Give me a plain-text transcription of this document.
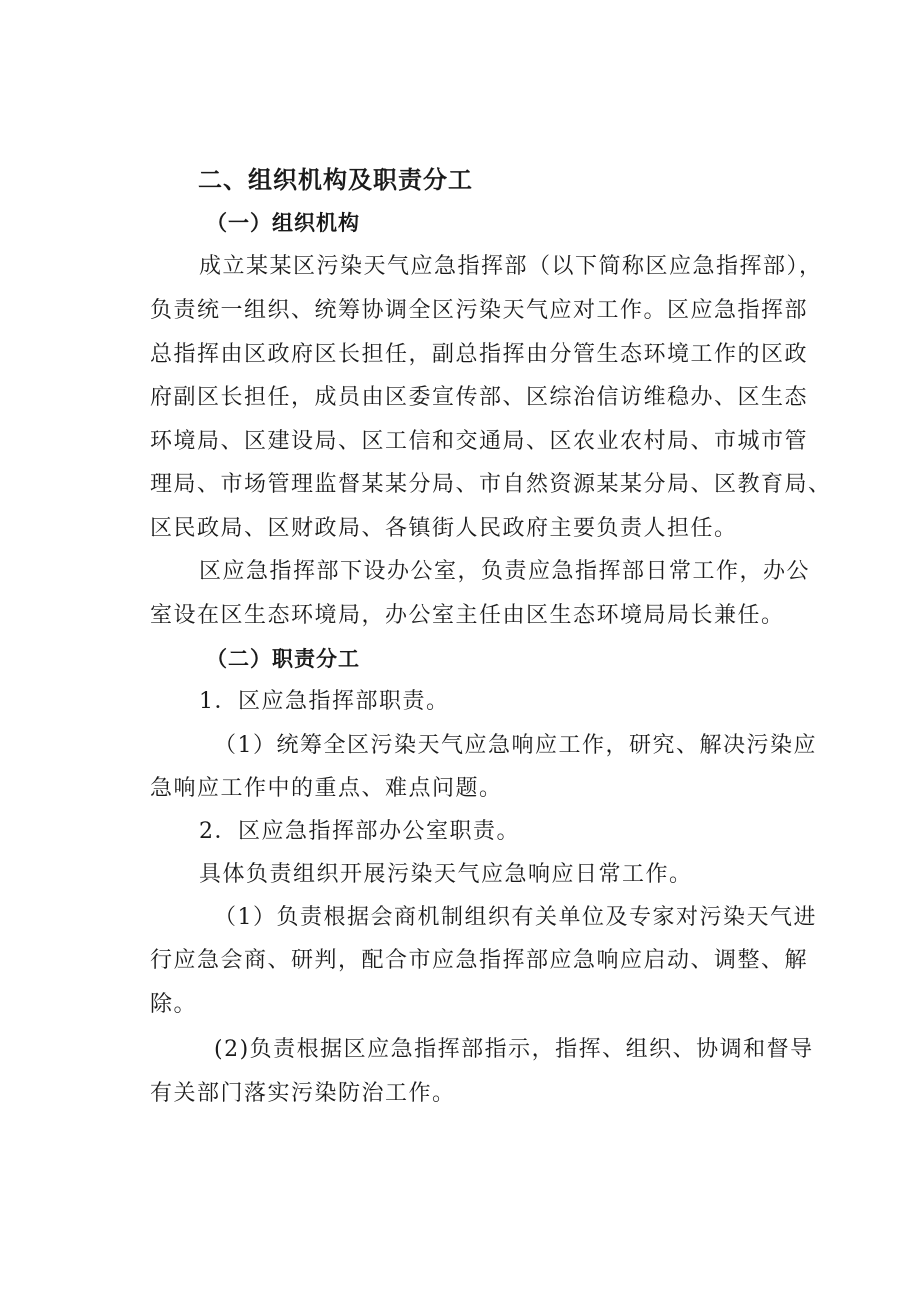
二、组织机构及职责分工
（一）组织机构
成立某某区污染天气应急指挥部（以下简称区应急指挥部），
负责统一组织、统筹协调全区污染天气应对工作。区应急指挥部
总指挥由区政府区长担任，副总指挥由分管生态环境工作的区政
府副区长担任，成员由区委宣传部、区综治信访维稳办、区生态
环境局、区建设局、区工信和交通局、区农业农村局、市城市管
理局、市场管理监督某某分局、市自然资源某某分局、区教育局、
区民政局、区财政局、各镇街人民政府主要负责人担任。
区应急指挥部下设办公室，负责应急指挥部日常工作，办公
室设在区生态环境局，办公室主任由区生态环境局局长兼任。
（二）职责分工
1．区应急指挥部职责。
（1）统筹全区污染天气应急响应工作，研究、解决污染应
急响应工作中的重点、难点问题。
2．区应急指挥部办公室职责。
具体负责组织开展污染天气应急响应日常工作。
（1）负责根据会商机制组织有关单位及专家对污染天气进
行应急会商、研判，配合市应急指挥部应急响应启动、调整、解
除。
(2)负责根据区应急指挥部指示，指挥、组织、协调和督导
有关部门落实污染防治工作。
